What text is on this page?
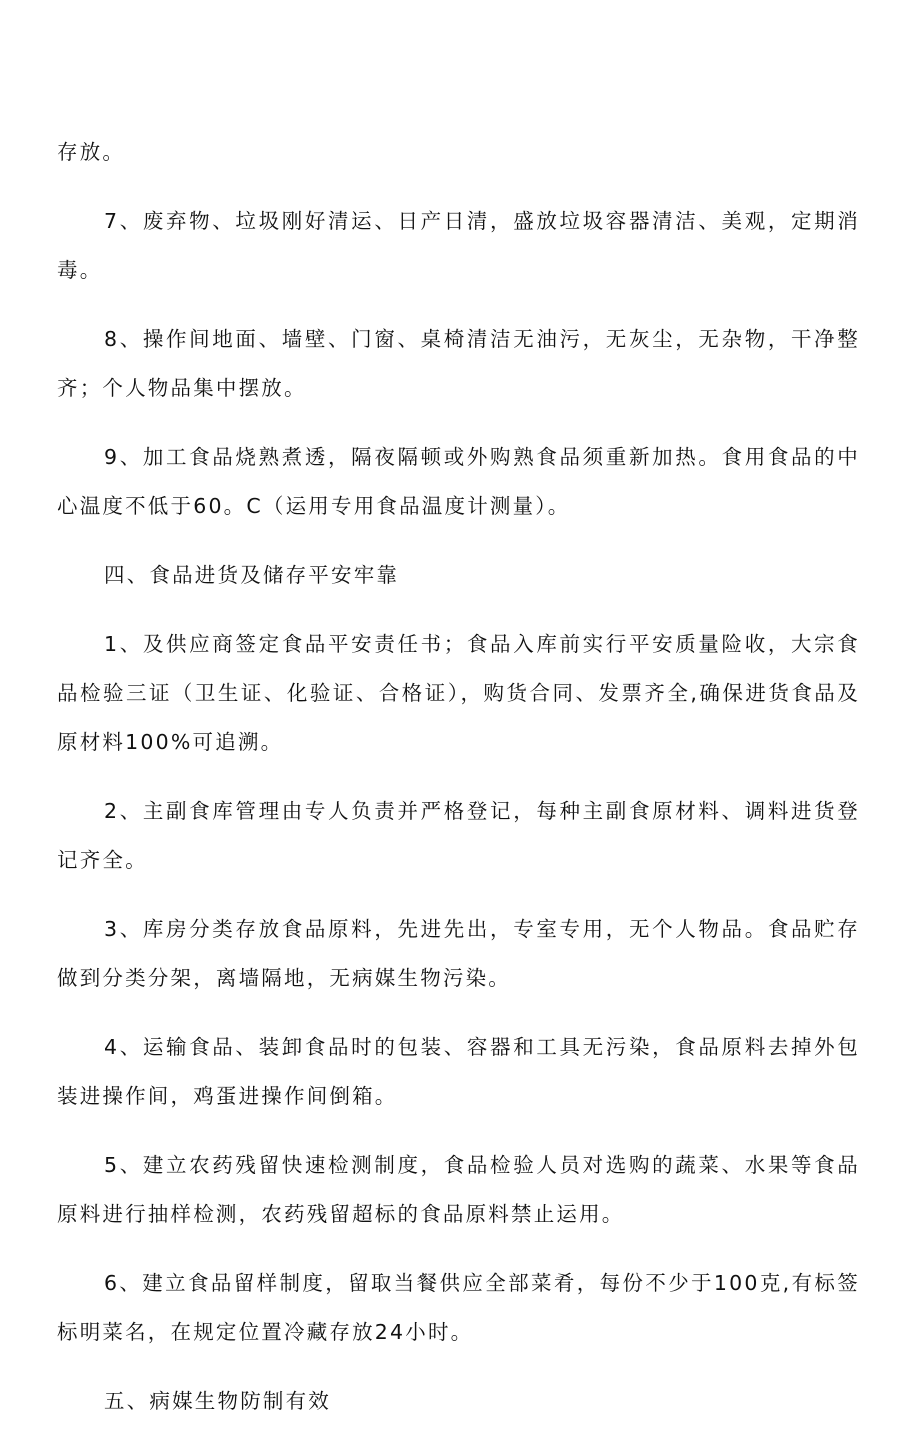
存放。

7、废弃物、垃圾刚好清运、日产日清，盛放垃圾容器清洁、美观，定期消毒。

8、操作间地面、墙壁、门窗、桌椅清洁无油污，无灰尘，无杂物，干净整齐；个人物品集中摆放。

9、加工食品烧熟煮透，隔夜隔顿或外购熟食品须重新加热。食用食品的中心温度不低于60。C（运用专用食品温度计测量）。

四、食品进货及储存平安牢靠

1、及供应商签定食品平安责任书；食品入库前实行平安质量险收，大宗食品检验三证（卫生证、化验证、合格证），购货合同、发票齐全,确保进货食品及原材料100%可追溯。

2、主副食库管理由专人负责并严格登记，每种主副食原材料、调料进货登记齐全。

3、库房分类存放食品原料，先进先出，专室专用，无个人物品。食品贮存做到分类分架，离墙隔地，无病媒生物污染。

4、运输食品、装卸食品时的包装、容器和工具无污染，食品原料去掉外包装进操作间，鸡蛋进操作间倒箱。

5、建立农药残留快速检测制度，食品检验人员对选购的蔬菜、水果等食品原料进行抽样检测，农药残留超标的食品原料禁止运用。

6、建立食品留样制度，留取当餐供应全部菜肴，每份不少于100克,有标签标明菜名，在规定位置冷藏存放24小时。

五、病媒生物防制有效
